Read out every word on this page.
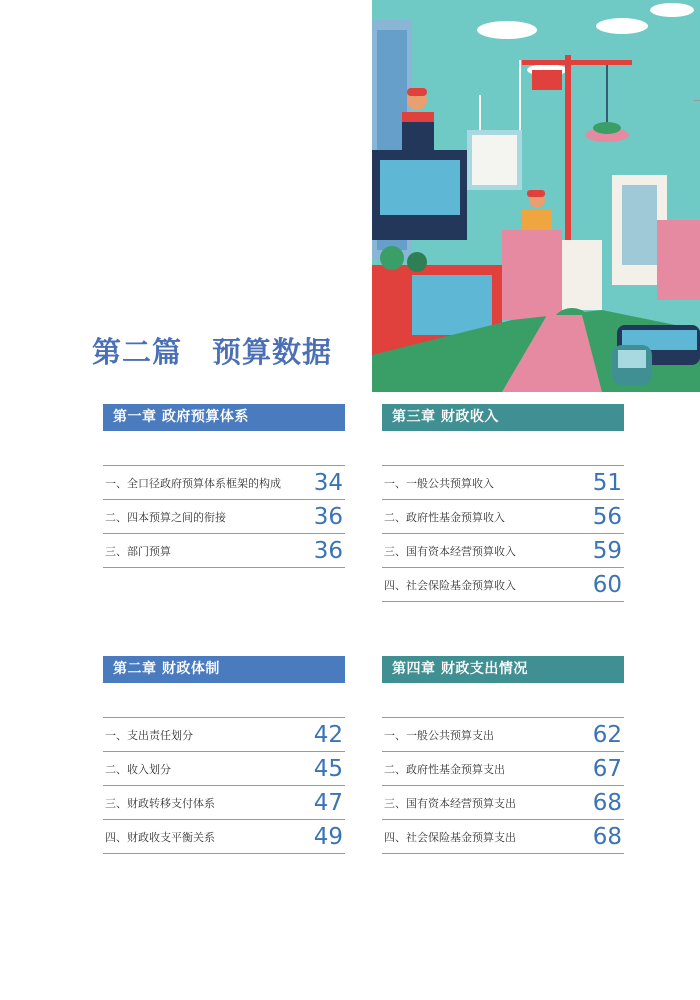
第二篇　预算数据
第一章 政府预算体系
一、全口径政府预算体系框架的构成 34
二、四本预算之间的衔接	36
三、部门预算	36
第二章 财政体制
一、支出责任划分	42
二、收入划分	45
三、财政转移支付体系	47
四、财政收支平衡关系	49
第三章 财政收入
一、一般公共预算收入	51
二、政府性基金预算收入	56
三、国有资本经营预算收入	59
四、社会保险基金预算收入	60
第四章 财政支出情况
一、一般公共预算支出	62
二、政府性基金预算支出	67
三、国有资本经营预算支出	68
四、社会保险基金预算支出	68
